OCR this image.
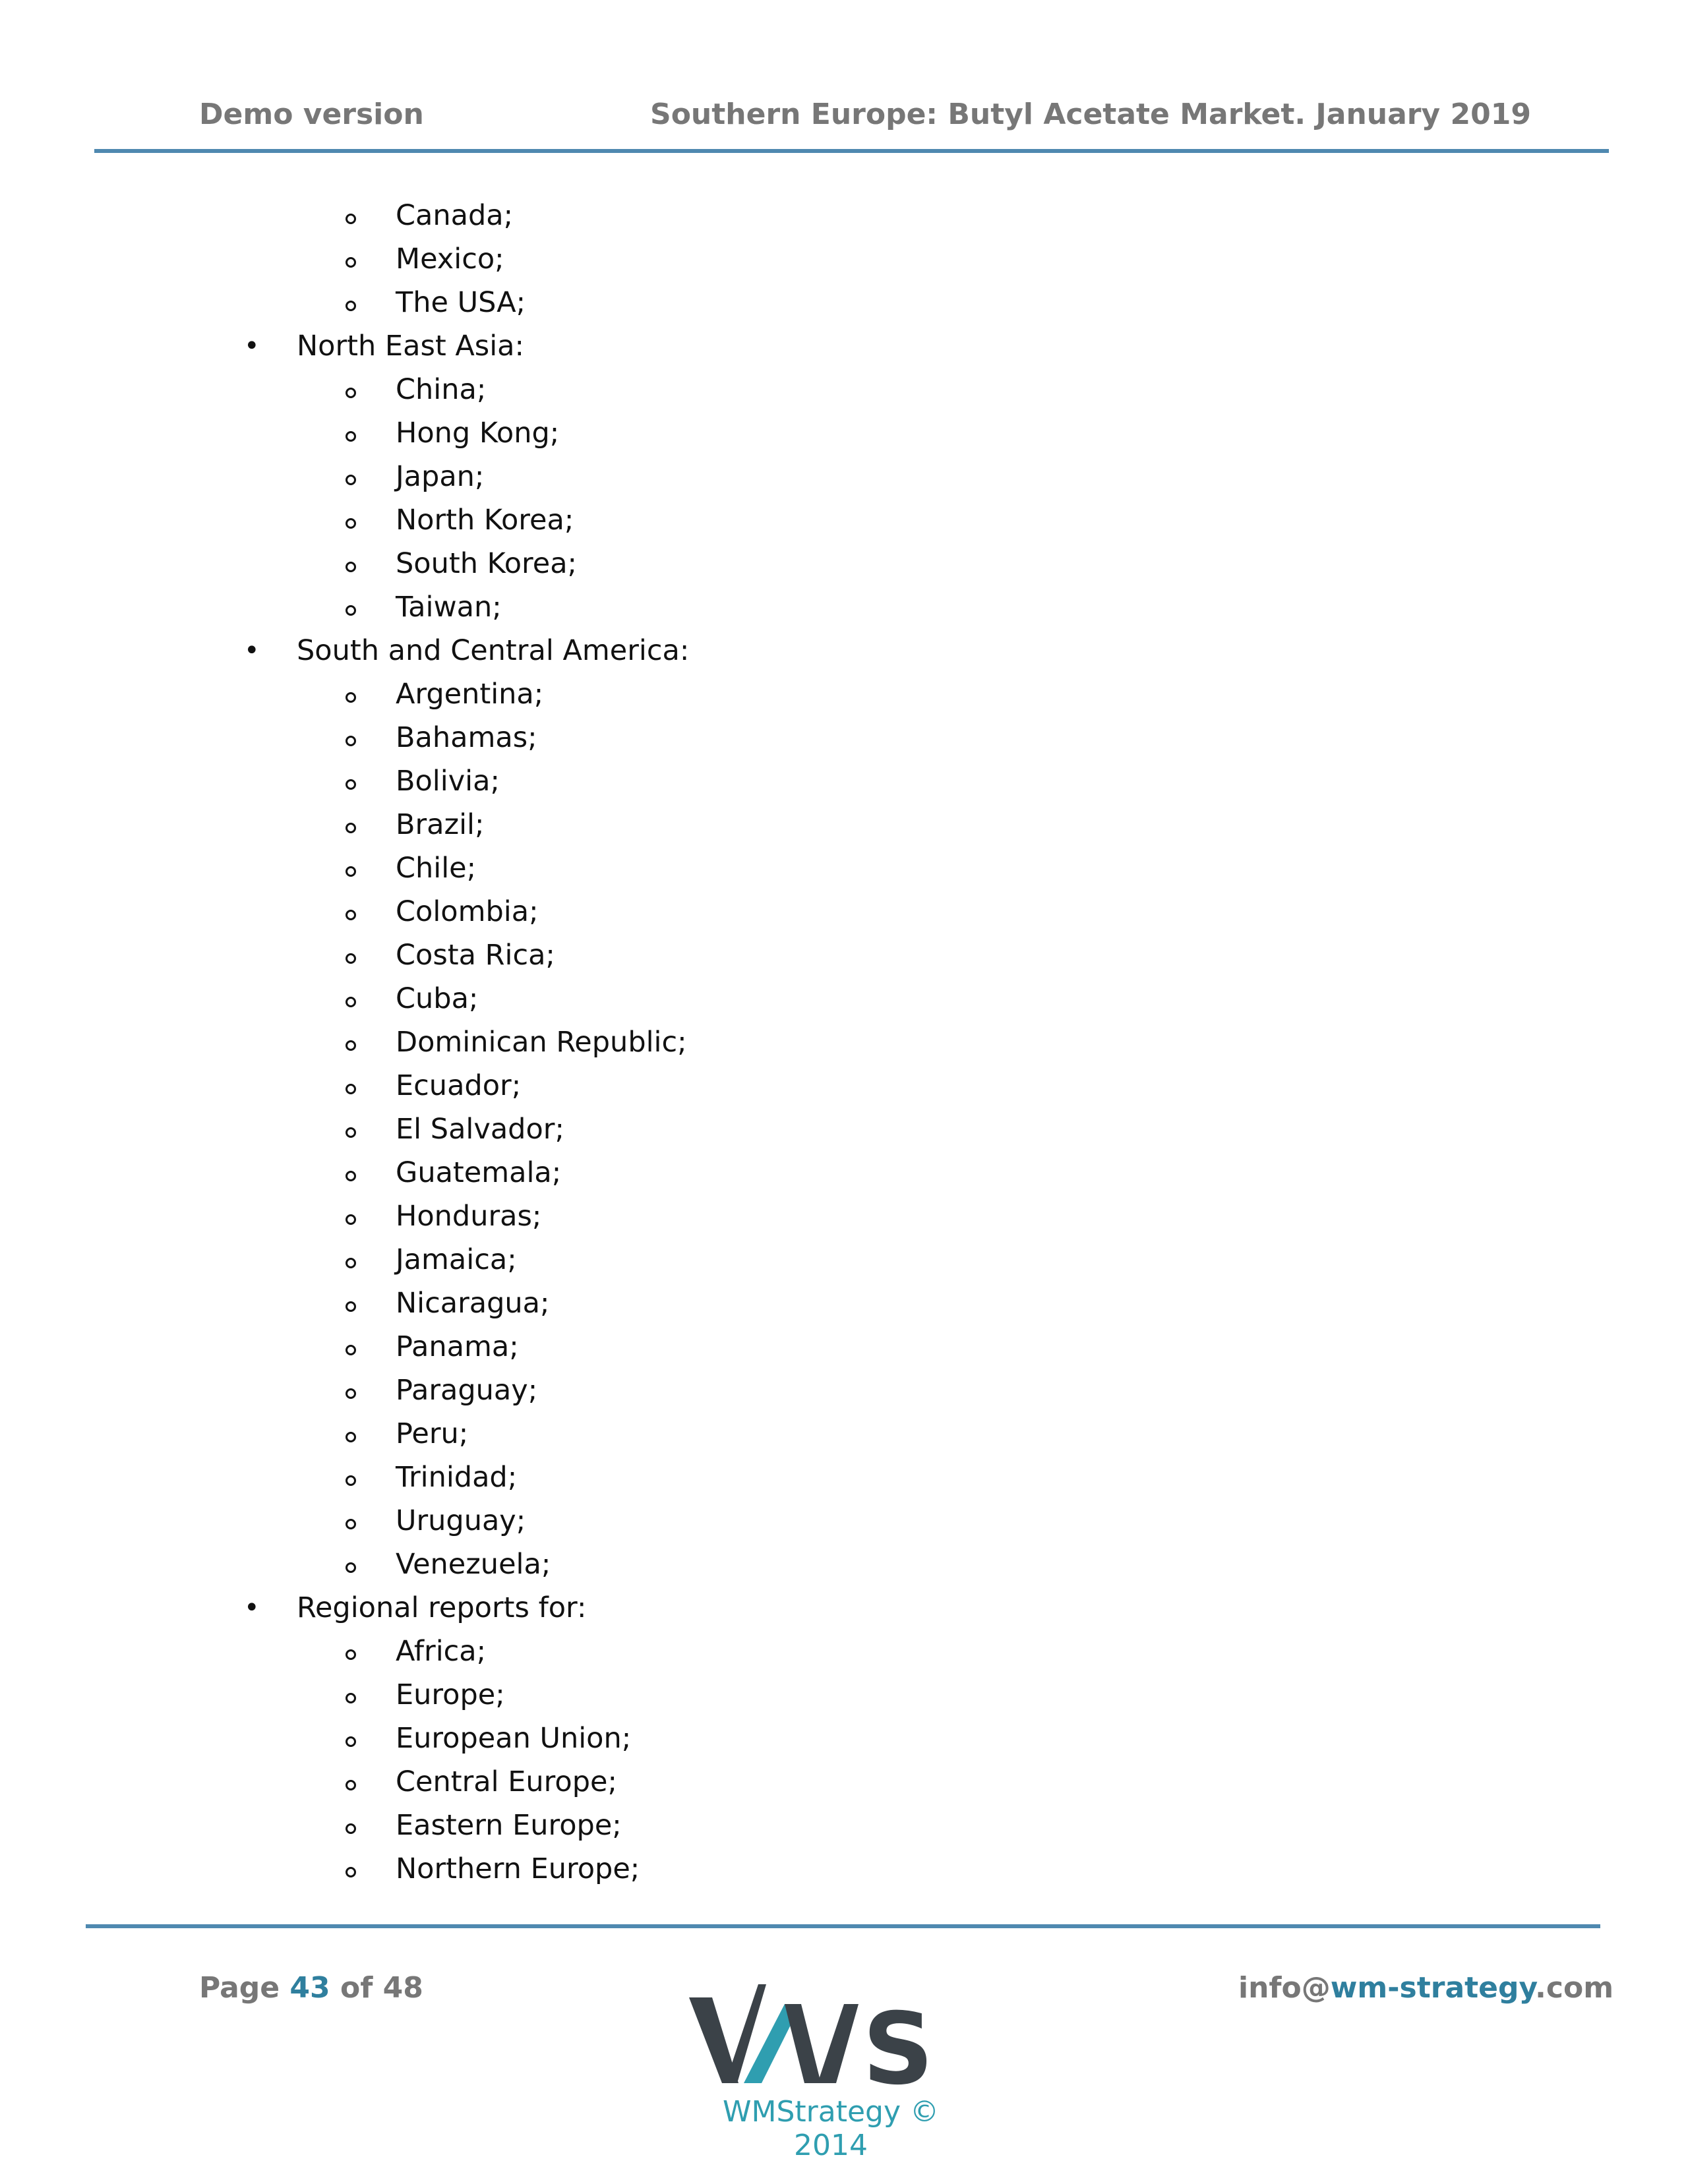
Demo version	Southern Europe: Butyl Acetate Market. January 2019
Canada;
Mexico;
The USA;
• North East Asia:
China;
Hong Kong;
Japan;
North Korea;
South Korea;
Taiwan;
• South and Central America:
Argentina;
Bahamas;
Bolivia;
Brazil;
Chile;
Colombia;
Costa Rica;
Cuba;
Dominican Republic;
Ecuador;
El Salvador;
Guatemala;
Honduras;
Jamaica;
Nicaragua;
Panama;
Paraguay;
Peru;
Trinidad;
Uruguay;
Venezuela;
• Regional reports for:
Africa;
Europe;
European Union;
Central Europe;
Eastern Europe;
Northern Europe;
Page 43 of 48	info@wm-strategy.com
S
WMStrategy © 2014
